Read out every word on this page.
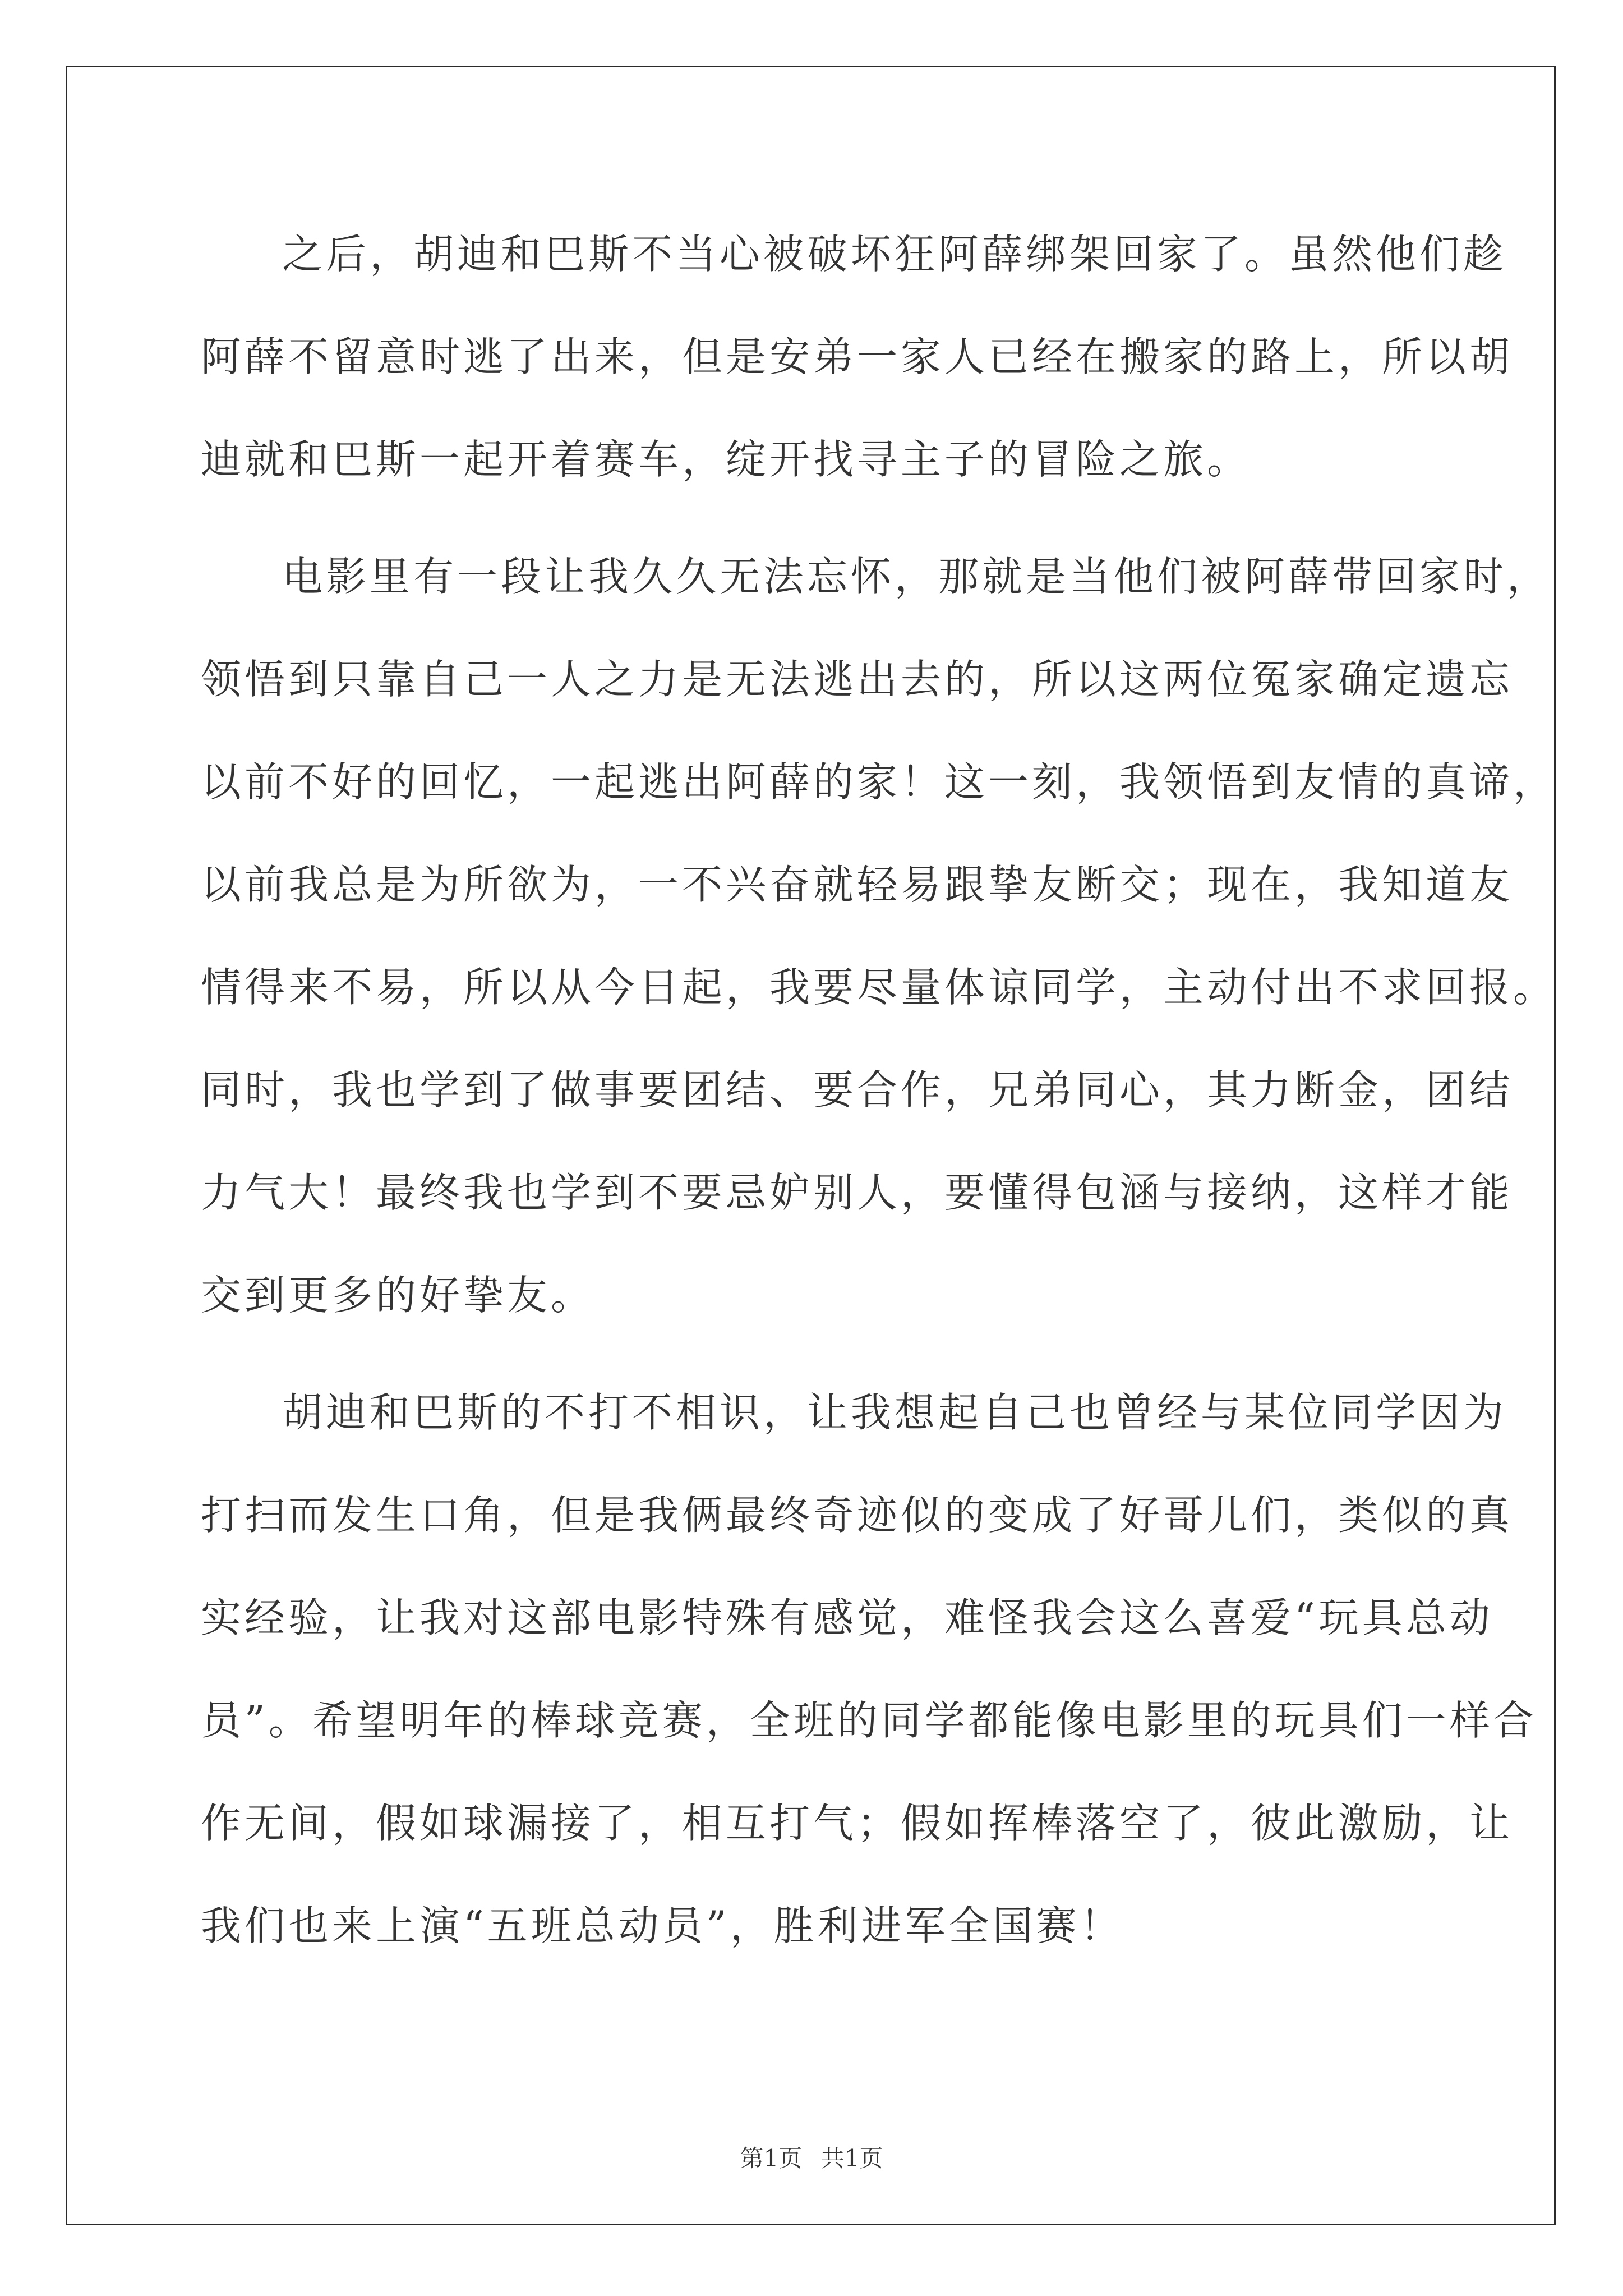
之后，胡迪和巴斯不当心被破坏狂阿薛绑架回家了。虽然他们趁
阿薛不留意时逃了出来，但是安弟一家人已经在搬家的路上，所以胡
迪就和巴斯一起开着赛车，绽开找寻主子的冒险之旅。
电影里有一段让我久久无法忘怀，那就是当他们被阿薛带回家时，
领悟到只靠自己一人之力是无法逃出去的，所以这两位冤家确定遗忘
以前不好的回忆，一起逃出阿薛的家！这一刻，我领悟到友情的真谛，
以前我总是为所欲为，一不兴奋就轻易跟挚友断交；现在，我知道友
情得来不易，所以从今日起，我要尽量体谅同学，主动付出不求回报。
同时，我也学到了做事要团结、要合作，兄弟同心，其力断金，团结
力气大！最终我也学到不要忌妒别人，要懂得包涵与接纳，这样才能
交到更多的好挚友。
胡迪和巴斯的不打不相识，让我想起自己也曾经与某位同学因为
打扫而发生口角，但是我俩最终奇迹似的变成了好哥儿们，类似的真
实经验，让我对这部电影特殊有感觉，难怪我会这么喜爱“玩具总动
员”。希望明年的棒球竞赛，全班的同学都能像电影里的玩具们一样合
作无间，假如球漏接了，相互打气；假如挥棒落空了，彼此激励，让
我们也来上演“五班总动员”，胜利进军全国赛！
第1页 共1页
